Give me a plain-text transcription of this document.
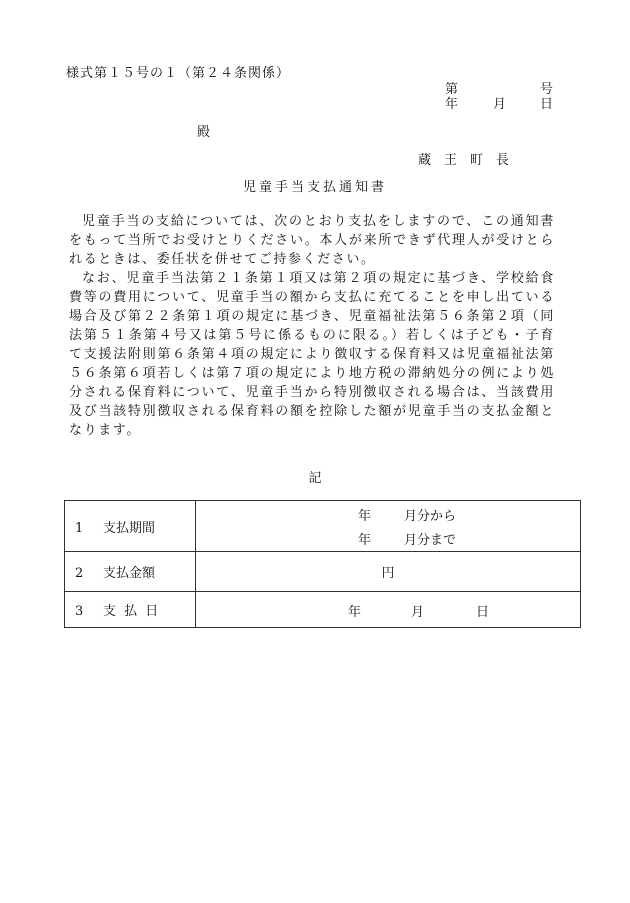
様式第１５号の１（第２４条関係）
第	号
年	月	日
殿
蔵王町長
児童手当支払通知書

児童手当の支給については、次のとおり支払をしますので、この通知書をもって当所でお受けとりください。本人が来所できず代理人が受けとられるときは、委任状を併せてご持参ください。

なお、児童手当法第２１条第１項又は第２項の規定に基づき、学校給食費等の費用について、児童手当の額から支払に充てることを申し出ている場合及び第２２条第１項の規定に基づき、児童福祉法第５６条第２項（同法第５１条第４号又は第５号に係るものに限る。）若しくは子ども・子育て支援法附則第６条第４項の規定により徴収する保育料又は児童福祉法第５６条第６項若しくは第７項の規定により地方税の滞納処分の例により処分される保育料について、児童手当から特別徴収される場合は、当該費用及び当該特別徴収される保育料の額を控除した額が児童手当の支払金額となります。

記
1 支払期間	年 月分から
年 月分まで

2 支払金額	円
3 支 払 日	年 月 日
